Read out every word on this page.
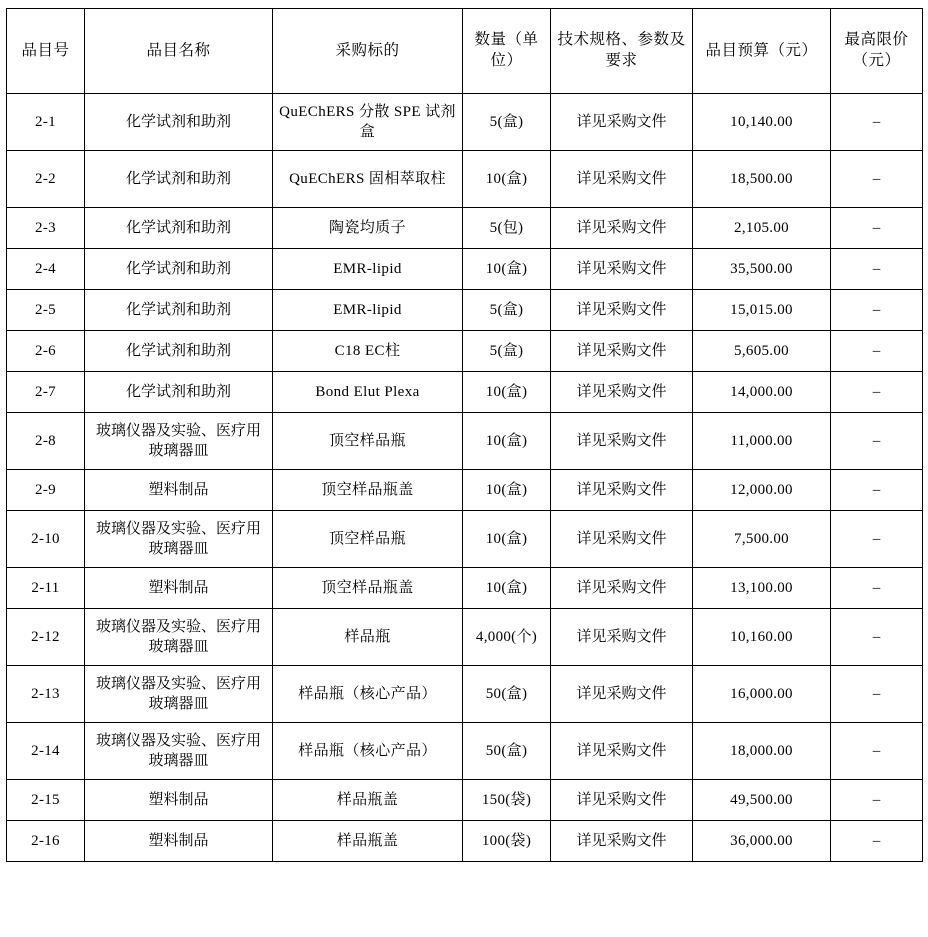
品目号	品目名称	采购标的	数量（单位）	技术规格、参数及要求	品目预算（元）	最高限价（元）
2-1	化学试剂和助剂	QuEChERS 分散 SPE 试剂盒	5(盒)	详见采购文件	10,140.00	–
2-2	化学试剂和助剂	QuEChERS 固相萃取柱	10(盒)	详见采购文件	18,500.00	–
2-3	化学试剂和助剂	陶瓷均质子	5(包)	详见采购文件	2,105.00	–
2-4	化学试剂和助剂	EMR-lipid	10(盒)	详见采购文件	35,500.00	–
2-5	化学试剂和助剂	EMR-lipid	5(盒)	详见采购文件	15,015.00	–
2-6	化学试剂和助剂	C18 EC柱	5(盒)	详见采购文件	5,605.00	–
2-7	化学试剂和助剂	Bond Elut Plexa	10(盒)	详见采购文件	14,000.00	–
2-8	玻璃仪器及实验、医疗用玻璃器皿	顶空样品瓶	10(盒)	详见采购文件	11,000.00	–
2-9	塑料制品	顶空样品瓶盖	10(盒)	详见采购文件	12,000.00	–
2-10	玻璃仪器及实验、医疗用玻璃器皿	顶空样品瓶	10(盒)	详见采购文件	7,500.00	–
2-11	塑料制品	顶空样品瓶盖	10(盒)	详见采购文件	13,100.00	–
2-12	玻璃仪器及实验、医疗用玻璃器皿	样品瓶	4,000(个)	详见采购文件	10,160.00	–
2-13	玻璃仪器及实验、医疗用玻璃器皿	样品瓶（核心产品）	50(盒)	详见采购文件	16,000.00	–
2-14	玻璃仪器及实验、医疗用玻璃器皿	样品瓶（核心产品）	50(盒)	详见采购文件	18,000.00	–
2-15	塑料制品	样品瓶盖	150(袋)	详见采购文件	49,500.00	–
2-16	塑料制品	样品瓶盖	100(袋)	详见采购文件	36,000.00	–
